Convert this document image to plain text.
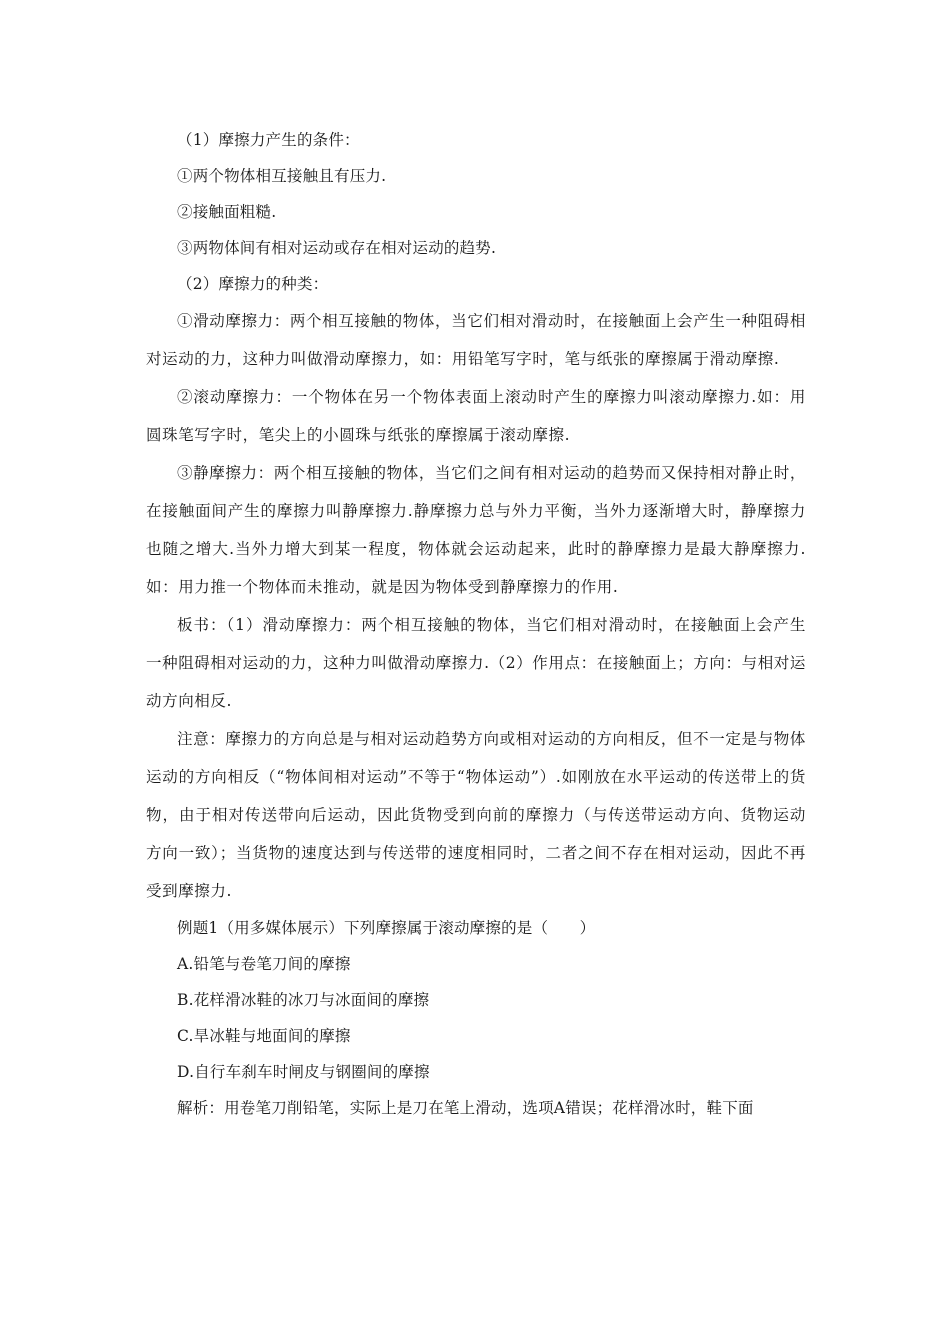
（1）摩擦力产生的条件：
①两个物体相互接触且有压力.
②接触面粗糙.
③两物体间有相对运动或存在相对运动的趋势.
（2）摩擦力的种类：

①滑动摩擦力：两个相互接触的物体，当它们相对滑动时，在接触面上会产生一种阻碍相对运动的力，这种力叫做滑动摩擦力，如：用铅笔写字时，笔与纸张的摩擦属于滑动摩擦.

②滚动摩擦力：一个物体在另一个物体表面上滚动时产生的摩擦力叫滚动摩擦力.如：用圆珠笔写字时，笔尖上的小圆珠与纸张的摩擦属于滚动摩擦.

③静摩擦力：两个相互接触的物体，当它们之间有相对运动的趋势而又保持相对静止时，在接触面间产生的摩擦力叫静摩擦力.静摩擦力总与外力平衡，当外力逐渐增大时，静摩擦力也随之增大.当外力增大到某一程度，物体就会运动起来，此时的静摩擦力是最大静摩擦力.如：用力推一个物体而未推动，就是因为物体受到静摩擦力的作用.

板书：（1）滑动摩擦力：两个相互接触的物体，当它们相对滑动时，在接触面上会产生一种阻碍相对运动的力，这种力叫做滑动摩擦力.（2）作用点：在接触面上；方向：与相对运动方向相反.

注意：摩擦力的方向总是与相对运动趋势方向或相对运动的方向相反，但不一定是与物体运动的方向相反（“物体间相对运动”不等于“物体运动”）.如刚放在水平运动的传送带上的货物，由于相对传送带向后运动，因此货物受到向前的摩擦力（与传送带运动方向、货物运动方向一致）；当货物的速度达到与传送带的速度相同时，二者之间不存在相对运动，因此不再受到摩擦力.

例题1（用多媒体展示）下列摩擦属于滚动摩擦的是（　　）
A.铅笔与卷笔刀间的摩擦
B.花样滑冰鞋的冰刀与冰面间的摩擦
C.旱冰鞋与地面间的摩擦
D.自行车刹车时闸皮与钢圈间的摩擦
解析：用卷笔刀削铅笔，实际上是刀在笔上滑动，选项A错误；花样滑冰时，鞋下面
